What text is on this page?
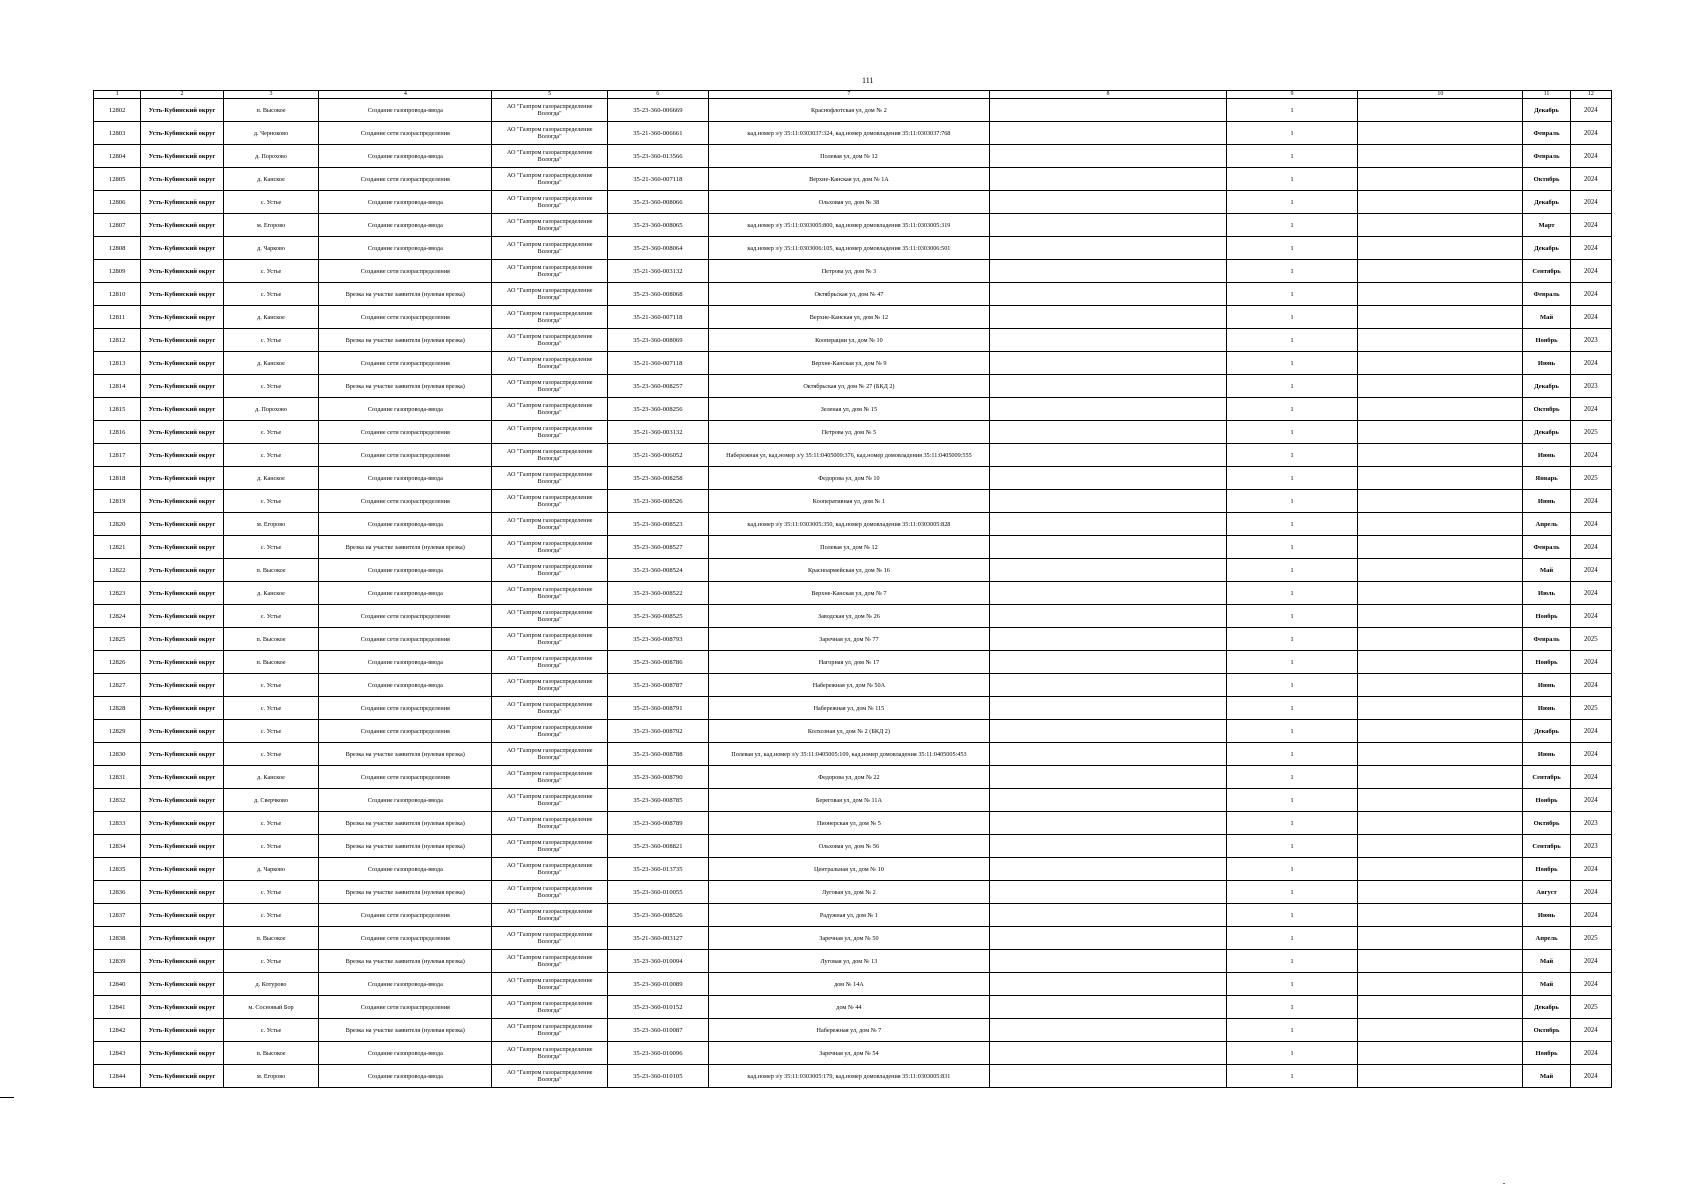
111
1	2	3	4	5	6	7	8	9	10	11	12
12802	Усть-Кубинский округ	п. Высокое	Создание газопровода-ввода	АО "Газпром газораспределение Вологда"	35-23-360-006669	Краснофлотская ул, дом № 2		1		Декабрь	2024
12803	Усть-Кубинский округ	д. Черноково	Создание сети газораспределения	АО "Газпром газораспределение Вологда"	35-21-360-006661	кад.номер з/у 35:11:0303037:324, кад.номер домовладения 35:11:0303037:768		1		Февраль	2024
12804	Усть-Кубинский округ	д. Порохово	Создание газопровода-ввода	АО "Газпром газораспределение Вологда"	35-23-360-013566	Полевая ул, дом № 12		1		Февраль	2024
12805	Усть-Кубинский округ	д. Канское	Создание сети газораспределения	АО "Газпром газораспределение Вологда"	35-21-360-007118	Верхне-Канская ул, дом № 1А		1		Октябрь	2024
12806	Усть-Кубинский округ	с. Устье	Создание газопровода-ввода	АО "Газпром газораспределение Вологда"	35-23-360-008066	Ольховая ул, дом № 38		1		Декабрь	2024
12807	Усть-Кубинский округ	м. Егорово	Создание газопровода-ввода	АО "Газпром газораспределение Вологда"	35-23-360-008065	кад.номер з/у 35:11:0303005:800, кад.номер домовладения 35:11:0303005:319		1		Март	2024
12808	Усть-Кубинский округ	д. Чарково	Создание газопровода-ввода	АО "Газпром газораспределение Вологда"	35-23-360-008064	кад.номер з/у 35:11:0303006:105, кад.номер домовладения 35:11:0303006:501		1		Декабрь	2024
12809	Усть-Кубинский округ	с. Устье	Создание сети газораспределения	АО "Газпром газораспределение Вологда"	35-21-360-003132	Петрова ул, дом № 3		1		Сентябрь	2024
12810	Усть-Кубинский округ	с. Устье	Врезка на участке заявителя (нулевая врезка)	АО "Газпром газораспределение Вологда"	35-23-360-008068	Октябрьская ул, дом № 47		1		Февраль	2024
12811	Усть-Кубинский округ	д. Канское	Создание сети газораспределения	АО "Газпром газораспределение Вологда"	35-21-360-007118	Верхне-Канская ул, дом № 12		1		Май	2024
12812	Усть-Кубинский округ	с. Устье	Врезка на участке заявителя (нулевая врезка)	АО "Газпром газораспределение Вологда"	35-23-360-008069	Кооперации ул, дом № 10		1		Ноябрь	2023
12813	Усть-Кубинский округ	д. Канское	Создание сети газораспределения	АО "Газпром газораспределение Вологда"	35-21-360-007118	Верхне-Канская ул, дом № 9		1		Июнь	2024
12814	Усть-Кубинский округ	с. Устье	Врезка на участке заявителя (нулевая врезка)	АО "Газпром газораспределение Вологда"	35-23-360-008257	Октябрьская ул, дом № 27 (БКД 2)		1		Декабрь	2023
12815	Усть-Кубинский округ	д. Порохово	Создание газопровода-ввода	АО "Газпром газораспределение Вологда"	35-23-360-008256	Зеленая ул, дом № 15		1		Октябрь	2024
12816	Усть-Кубинский округ	с. Устье	Создание сети газораспределения	АО "Газпром газораспределение Вологда"	35-21-360-003132	Петрова ул, дом № 5		1		Декабрь	2025
12817	Усть-Кубинский округ	с. Устье	Создание сети газораспределения	АО "Газпром газораспределение Вологда"	35-21-360-006052	Набережная ул, кад.номер з/у 35:11:0405009:376, кад.номер домовладения 35:11:0405009:555		1		Июнь	2024
12818	Усть-Кубинский округ	д. Канское	Создание газопровода-ввода	АО "Газпром газораспределение Вологда"	35-23-360-008258	Федорова ул, дом № 10		1		Январь	2025
12819	Усть-Кубинский округ	с. Устье	Создание сети газораспределения	АО "Газпром газораспределение Вологда"	35-23-360-008526	Кооперативная ул, дом № 1		1		Июнь	2024
12820	Усть-Кубинский округ	м. Егорово	Создание газопровода-ввода	АО "Газпром газораспределение Вологда"	35-23-360-008523	кад.номер з/у 35:11:0303005:350, кад.номер домовладения 35:11:0303005:828		1		Апрель	2024
12821	Усть-Кубинский округ	с. Устье	Врезка на участке заявителя (нулевая врезка)	АО "Газпром газораспределение Вологда"	35-23-360-008527	Полевая ул, дом № 12		1		Февраль	2024
12822	Усть-Кубинский округ	п. Высокое	Создание газопровода-ввода	АО "Газпром газораспределение Вологда"	35-23-360-008524	Красноармейская ул, дом № 16		1		Май	2024
12823	Усть-Кубинский округ	д. Канское	Создание газопровода-ввода	АО "Газпром газораспределение Вологда"	35-23-360-008522	Верхне-Канская ул, дом № 7		1		Июль	2024
12824	Усть-Кубинский округ	с. Устье	Создание сети газораспределения	АО "Газпром газораспределение Вологда"	35-23-360-008525	Заводская ул, дом № 26		1		Ноябрь	2024
12825	Усть-Кубинский округ	п. Высокое	Создание сети газораспределения	АО "Газпром газораспределение Вологда"	35-23-360-008793	Заречная ул, дом № 77		1		Февраль	2025
12826	Усть-Кубинский округ	п. Высокое	Создание газопровода-ввода	АО "Газпром газораспределение Вологда"	35-23-360-008786	Нагорная ул, дом № 17		1		Ноябрь	2024
12827	Усть-Кубинский округ	с. Устье	Создание газопровода-ввода	АО "Газпром газораспределение Вологда"	35-23-360-008787	Набережная ул, дом № 50А		1		Июнь	2024
12828	Усть-Кубинский округ	с. Устье	Создание сети газораспределения	АО "Газпром газораспределение Вологда"	35-23-360-008791	Набережная ул, дом № 115		1		Июнь	2025
12829	Усть-Кубинский округ	с. Устье	Создание сети газораспределения	АО "Газпром газораспределение Вологда"	35-23-360-008792	Колхозная ул, дом № 2 (БКД 2)		1		Декабрь	2024
12830	Усть-Кубинский округ	с. Устье	Врезка на участке заявителя (нулевая врезка)	АО "Газпром газораспределение Вологда"	35-23-360-008788	Полевая ул, кад.номер з/у 35:11:0405005:109, кад.номер домовладения 35:11:0405005:453		1		Июнь	2024
12831	Усть-Кубинский округ	д. Канское	Создание сети газораспределения	АО "Газпром газораспределение Вологда"	35-23-360-008790	Федорова ул, дом № 22		1		Сентябрь	2024
12832	Усть-Кубинский округ	д. Сверчково	Создание газопровода-ввода	АО "Газпром газораспределение Вологда"	35-23-360-008785	Береговая ул, дом № 11А		1		Ноябрь	2024
12833	Усть-Кубинский округ	с. Устье	Врезка на участке заявителя (нулевая врезка)	АО "Газпром газораспределение Вологда"	35-23-360-008789	Пионерская ул, дом № 5		1		Октябрь	2023
12834	Усть-Кубинский округ	с. Устье	Врезка на участке заявителя (нулевая врезка)	АО "Газпром газораспределение Вологда"	35-23-360-008821	Ольховая ул, дом № 56		1		Сентябрь	2023
12835	Усть-Кубинский округ	д. Чарково	Создание газопровода-ввода	АО "Газпром газораспределение Вологда"	35-23-360-013735	Центральная ул, дом № 10		1		Ноябрь	2024
12836	Усть-Кубинский округ	с. Устье	Врезка на участке заявителя (нулевая врезка)	АО "Газпром газораспределение Вологда"	35-23-360-010055	Луговая ул, дом № 2		1		Август	2024
12837	Усть-Кубинский округ	с. Устье	Создание сети газораспределения	АО "Газпром газораспределение Вологда"	35-23-360-008526	Радужная ул, дом № 1		1		Июнь	2024
12838	Усть-Кубинский округ	п. Высокое	Создание сети газораспределения	АО "Газпром газораспределение Вологда"	35-21-360-003127	Заречная ул, дом № 50		1		Апрель	2025
12839	Усть-Кубинский округ	с. Устье	Врезка на участке заявителя (нулевая врезка)	АО "Газпром газораспределение Вологда"	35-23-360-010094	Луговая ул, дом № 13		1		Май	2024
12840	Усть-Кубинский округ	д. Котурово	Создание газопровода-ввода	АО "Газпром газораспределение Вологда"	35-23-360-010089	дом № 14А		1		Май	2024
12841	Усть-Кубинский округ	м. Сосновый Бор	Создание сети газораспределения	АО "Газпром газораспределение Вологда"	35-23-360-010152	дом № 44		1		Декабрь	2025
12842	Усть-Кубинский округ	с. Устье	Врезка на участке заявителя (нулевая врезка)	АО "Газпром газораспределение Вологда"	35-23-360-010087	Набережная ул, дом № 7		1		Октябрь	2024
12843	Усть-Кубинский округ	п. Высокое	Создание газопровода-ввода	АО "Газпром газораспределение Вологда"	35-23-360-010096	Заречная ул, дом № 54		1		Ноябрь	2024
12844	Усть-Кубинский округ	м. Егорово	Создание газопровода-ввода	АО "Газпром газораспределение Вологда"	35-23-360-010105	кад.номер з/у 35:11:0303005:179, кад.номер домовладения 35:11:0303005:831		1		Май	2024
